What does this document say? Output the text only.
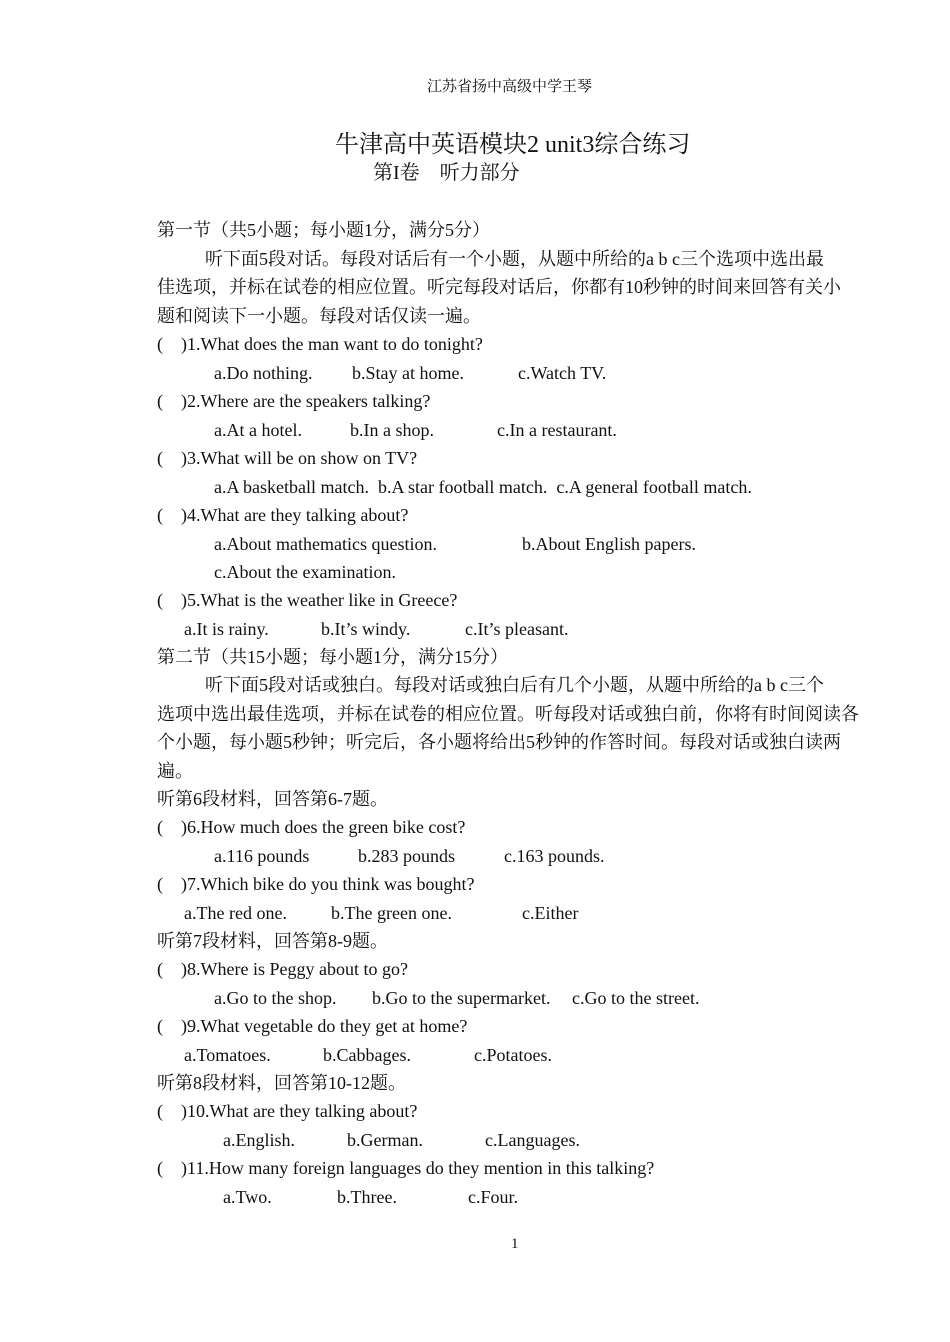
江苏省扬中高级中学王琴
牛津高中英语模块2 unit3综合练习
第I卷　听力部分
第一节（共5小题；每小题1分，满分5分）
听下面5段对话。每段对话后有一个小题，从题中所给的a b c三个选项中选出最
佳选项，并标在试卷的相应位置。听完每段对话后，你都有10秒钟的时间来回答有关小
题和阅读下一小题。每段对话仅读一遍。
(    )1.What does the man want to do tonight?
a.Do nothing. b.Stay at home.	c.Watch TV.
(    )2.Where are the speakers talking?
a.At a hotel.	b.In a shop.	c.In a restaurant.
(    )3.What will be on show on TV?
a.A basketball match.  b.A star football match.  c.A general football match.
(    )4.What are they talking about?
a.About mathematics question.	b.About English papers.
c.About the examination.
(    )5.What is the weather like in Greece?
a.It is rainy.	b.It’s windy.	c.It’s pleasant.
第二节（共15小题；每小题1分，满分15分）
听下面5段对话或独白。每段对话或独白后有几个小题，从题中所给的a b c三个
选项中选出最佳选项，并标在试卷的相应位置。听每段对话或独白前，你将有时间阅读各
个小题，每小题5秒钟；听完后，各小题将给出5秒钟的作答时间。每段对话或独白读两
遍。
听第6段材料，回答第6-7题。
(    )6.How much does the green bike cost?
a.116 pounds	b.283 pounds	c.163 pounds.
(    )7.Which bike do you think was bought?
a.The red one. b.The green one.	c.Either
听第7段材料，回答第8-9题。
(    )8.Where is Peggy about to go?
a.Go to the shop. b.Go to the supermarket. c.Go to the street.
(    )9.What vegetable do they get at home?
a.Tomatoes.	b.Cabbages.	c.Potatoes.
听第8段材料，回答第10-12题。
(    )10.What are they talking about?
a.English.	b.German.	c.Languages.
(    )11.How many foreign languages do they mention in this talking?
a.Two.	b.Three.	c.Four.
1
